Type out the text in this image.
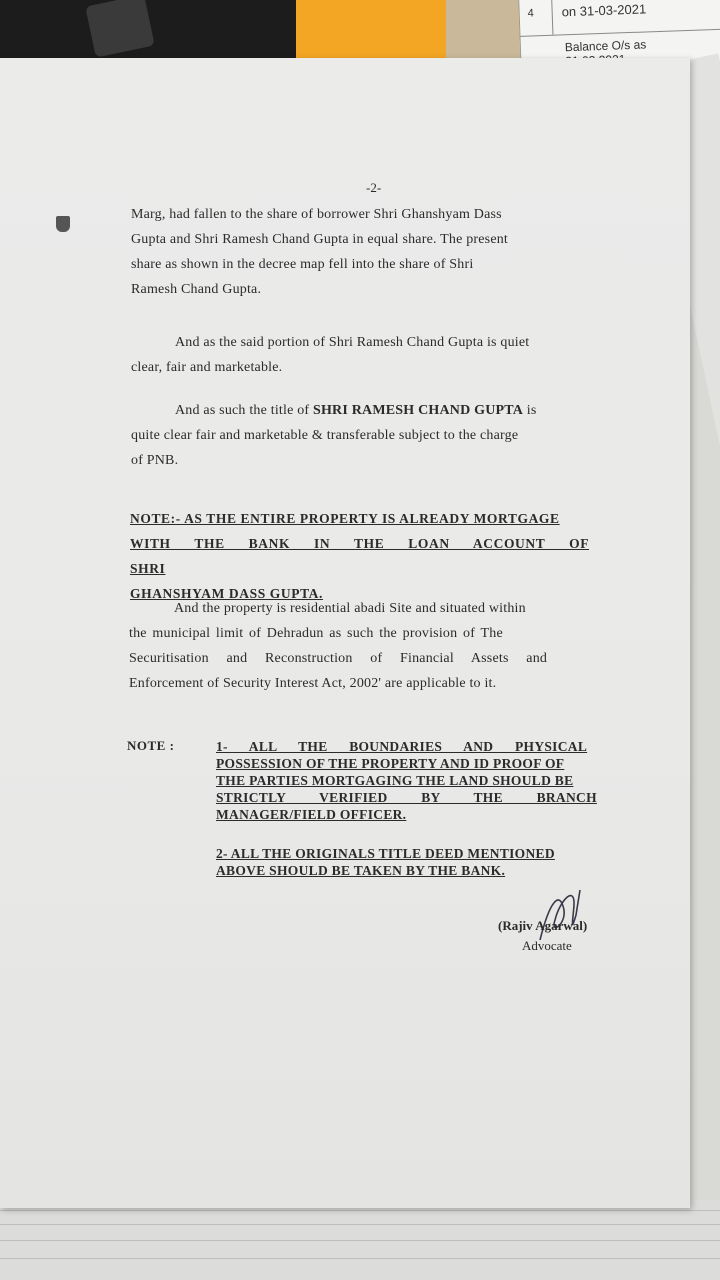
4 on 31-03-2021
Balance O/s as
-2-
Marg, had fallen to the share of borrower Shri Ghanshyam Dass
Gupta and Shri Ramesh Chand Gupta in equal share. The present
share as shown in the decree map fell into the share of Shri
Ramesh Chand Gupta.
And as the said portion of Shri Ramesh Chand Gupta is quiet
clear, fair and marketable.
And as such the title of SHRI RAMESH CHAND GUPTA is
quite clear fair and marketable & transferable subject to the charge
of PNB.
NOTE:- AS THE ENTIRE PROPERTY IS ALREADY MORTGAGE
WITH THE BANK IN THE LOAN ACCOUNT OF SHRI
GHANSHYAM DASS GUPTA.
And the property is residential abadi Site and situated within
the municipal limit of Dehradun as such the provision of The
Securitisation and Reconstruction of Financial Assets and
Enforcement of Security Interest Act, 2002' are applicable to it.
NOTE :	1- ALL THE BOUNDARIES AND PHYSICAL
POSSESSION OF THE PROPERTY AND ID PROOF OF
THE PARTIES MORTGAGING THE LAND SHOULD BE
STRICTLY VERIFIED BY THE BRANCH
MANAGER/FIELD OFFICER.
2- ALL THE ORIGINALS TITLE DEED MENTIONED
ABOVE SHOULD BE TAKEN BY THE BANK.
(Rajiv Agarwal)
Advocate
